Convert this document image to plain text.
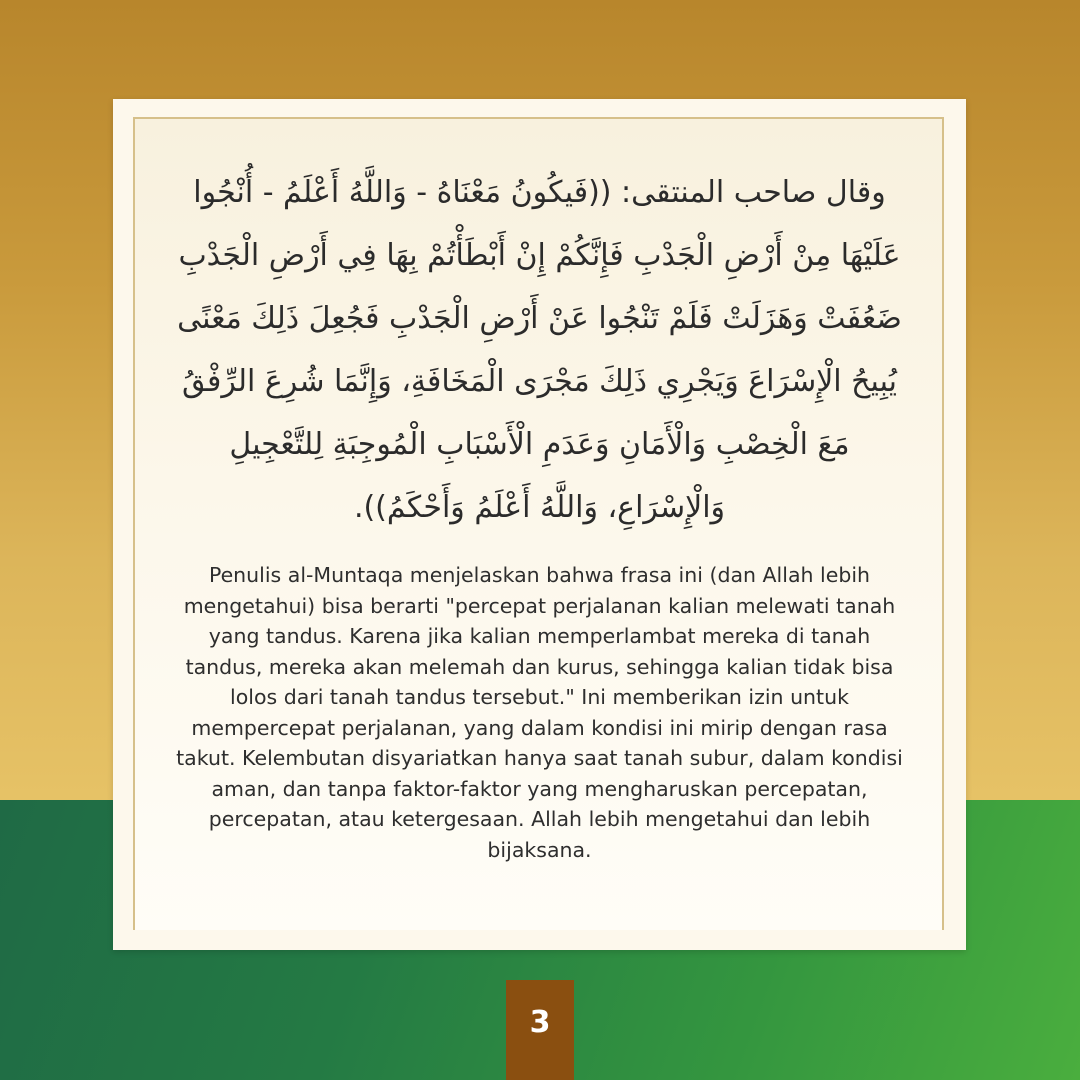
وقال صاحب المنتقى: ((فَيكُونُ مَعْنَاهُ - وَاللَّهُ أَعْلَمُ - أُنْجُوا عَلَيْهَا مِنْ أَرْضِ الْجَدْبِ فَإِنَّكُمْ إِنْ أَبْطَأْتُمْ بِهَا فِي أَرْضِ الْجَدْبِ ضَعُفَتْ وَهَزَلَتْ فَلَمْ تَنْجُوا عَنْ أَرْضِ الْجَدْبِ فَجُعِلَ ذَلِكَ مَعْنًى يُبِيحُ الْإِسْرَاعَ وَيَجْرِي ذَلِكَ مَجْرَى الْمَخَافَةِ، وَإِنَّمَا شُرِعَ الرِّفْقُ مَعَ الْخِصْبِ وَالْأَمَانِ وَعَدَمِ الْأَسْبَابِ الْمُوجِبَةِ لِلتَّعْجِيلِ وَالْإِسْرَاعِ، وَاللَّهُ أَعْلَمُ وَأَحْكَمُ)).

Penulis al-Muntaqa menjelaskan bahwa frasa ini (dan Allah lebih mengetahui) bisa berarti "percepat perjalanan kalian melewati tanah yang tandus. Karena jika kalian memperlambat mereka di tanah tandus, mereka akan melemah dan kurus, sehingga kalian tidak bisa lolos dari tanah tandus tersebut." Ini memberikan izin untuk mempercepat perjalanan, yang dalam kondisi ini mirip dengan rasa takut. Kelembutan disyariatkan hanya saat tanah subur, dalam kondisi aman, dan tanpa faktor-faktor yang mengharuskan percepatan, percepatan, atau ketergesaan. Allah lebih mengetahui dan lebih bijaksana.

3
